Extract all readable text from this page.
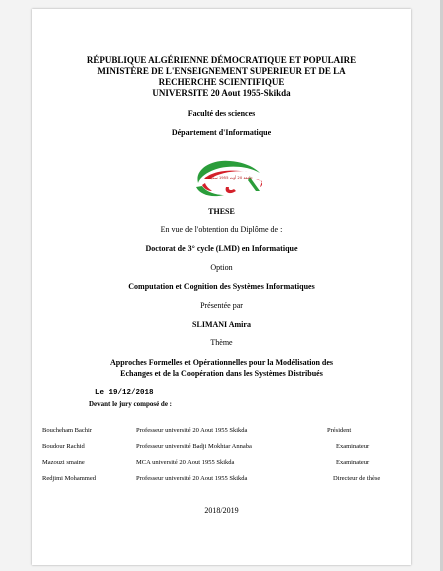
RÉPUBLIQUE ALGÉRIENNE DÉMOCRATIQUE ET POPULAIRE
MINISTÈRE DE L'ENSEIGNEMENT SUPERIEUR ET DE LA
RECHERCHE SCIENTIFIQUE
UNIVERSITE 20 Aout 1955-Skikda
Faculté des sciences
Département d'Informatique
جامعة 20 أوت 1955 سكيكدة
THESE
En vue de l'obtention du Diplôme de :
Doctorat de 3° cycle (LMD) en Informatique
Option
Computation et Cognition des Systèmes Informatiques
Présentée par
SLIMANI Amira
Thème
Approches Formelles et Opérationnelles pour la Modélisation des
Echanges et de la Coopération dans les Systèmes Distribués
Le 19/12/2018
Devant le jury composé de :
Boucheham Bachir	Professeur université 20 Aout 1955 Skikda	Président
Boudour Rachid	Professeur université Badji Mokhtar Annaba	Examinateur
Mazouzi smaine	MCA université 20 Aout 1955 Skikda	Examinateur
Redjimi Mohammed	Professeur université 20 Aout 1955 Skikda	Directeur de thèse
2018/2019
